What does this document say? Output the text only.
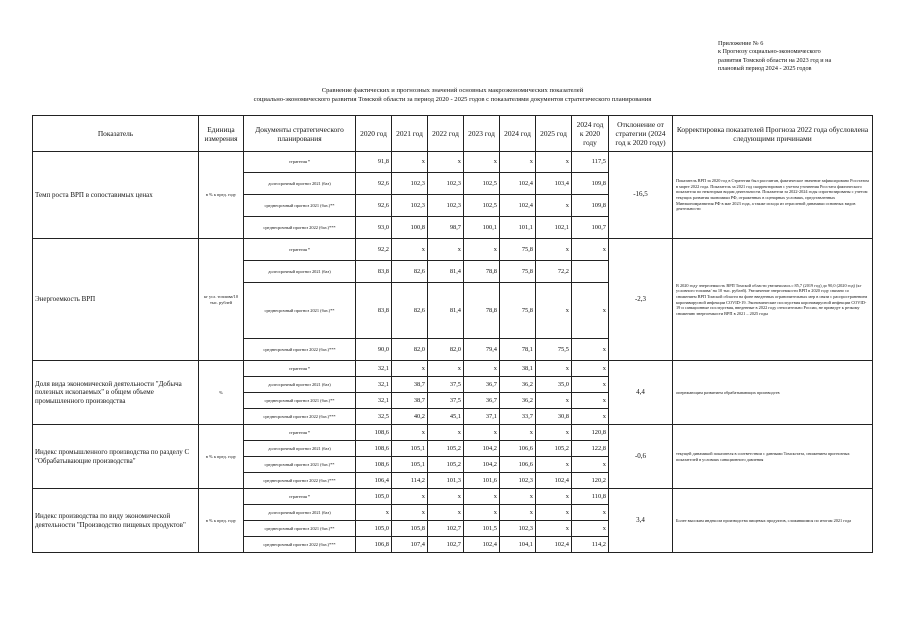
Приложение № 6
к Прогнозу социально-экономического
развития Томской области на 2023 год и на
плановый период 2024 - 2025 годов
Сравнение фактических и прогнозных значений основных макроэкономических показателей
социально-экономического развития Томской области за период 2020 - 2025 годов с показателями документов стратегического планирования
Показатель	Единица измерения	Документы стратегического планирования	2020 год	2021 год	2022 год	2023 год	2024 год	2025 год	2024 год к 2020 году	Отклонение от стратегии (2024 год к 2020 году)	Корректировка показателей Прогноза 2022 года обусловлена следующими причинами
Темп роста ВРП в сопоставимых ценах	в % к пред. году	стратегия *	91,8	х	х	х	х	х	117,5	-16,5	Показатель ВРП за 2020 год в Стратегии был рассчитан, фактическое значение зафиксировано Росстатом в марте 2022 года. Показатель за 2021 год скорректирован с учетом уточнения Росстата фактического показателя по некоторым видам деятельности. Показатели за 2022-2024 годы спрогнозированы с учетом текущих развития экономики РФ, отраженных в сценарных условиях, представленных Минэкономразвития РФ в мае 2023 года, а также исхода из отраслевой динамики основных видов деятельности
		долгосрочный прогноз 2021 (баз)	92,6	102,3	102,3	102,5	102,4	103,4	109,8		
		среднесрочный прогноз 2021 (баз.)**	92,6	102,3	102,3	102,5	102,4	х	109,8		
		среднесрочный прогноз 2022 (баз.)***	93,0	100,8	98,7	100,1	101,1	102,1	100,7		
Энергоемкость ВРП	кг усл. топлива/10 тыс. рублей	стратегия *	92,2	х	х	х	75,8	х	х	-2,3	В 2020 году энергоемкость ВРП Томской области увеличилась с 85,7 (2019 год) до 90,0 (2020 год) (кг условного топлива/ на 10 тыс. рублей). Увеличение энергоемкости ВРП в 2020 году связано со снижением ВРП Томской области на фоне введенных ограничительных мер в связи с распространением коронавирусной инфекции COVID-19. Экономические последствия коронавирусной инфекции COVID-19 и санкционные последствия, введенные в 2022 году относительно России, не приведут к резкому снижению энергоемкости ВРП в 2021 – 2025 годы
		долгосрочный прогноз 2021 (баз)	83,8	82,6	81,4	78,8	75,8	72,2			
		среднесрочный прогноз 2021 (баз.)**	83,8	82,6	81,4	78,8	75,8	х	х		
		среднесрочный прогноз 2022 (баз.)***	90,0	82,0	82,0	79,4	78,1	75,5	х		
Доля вида экономической деятельности "Добыча полезных ископаемых" в общем объеме промышленного производства	%	стратегия *	32,1	х	х	х	38,1	х	х	4,4	опережающим развитием обрабатывающих производств
		долгосрочный прогноз 2021 (баз)	32,1	38,7	37,5	36,7	36,2	35,0	х		
		среднесрочный прогноз 2021 (баз.)**	32,1	38,7	37,5	36,7	36,2	х	х		
		среднесрочный прогноз 2022 (баз.)***	32,5	40,2	45,1	37,1	33,7	30,8	х		
Индекс промышленного производства по разделу С "Обрабатывающие производства"	в % к пред. году	стратегия *	108,6	х	х	х	х	х	120,8	-0,6	текущей динамикой показателя в соответствии с данными Томскстата, снижением прогнозных показателей в условиях санкционного давления
		долгосрочный прогноз 2021 (баз)	108,6	105,1	105,2	104,2	106,6	105,2	122,8		
		среднесрочный прогноз 2021 (баз.)**	108,6	105,1	105,2	104,2	106,6	х	х		
		среднесрочный прогноз 2022 (баз.)***	106,4	114,2	101,3	101,6	102,3	102,4	120,2		
Индекс производства по виду экономической деятельности "Производство пищевых продуктов"	в % к пред. году	стратегия *	105,0	х	х	х	х	х	110,8	3,4	Более высоким индексом производства пищевых продуктов, сложившимся по итогам 2021 года
		долгосрочный прогноз 2021 (баз)	х	х	х	х	х	х	х		
		среднесрочный прогноз 2021 (баз.)**	105,0	105,8	102,7	101,5	102,3	х	х		
		среднесрочный прогноз 2022 (баз.)***	106,8	107,4	102,7	102,4	104,1	102,4	114,2		
